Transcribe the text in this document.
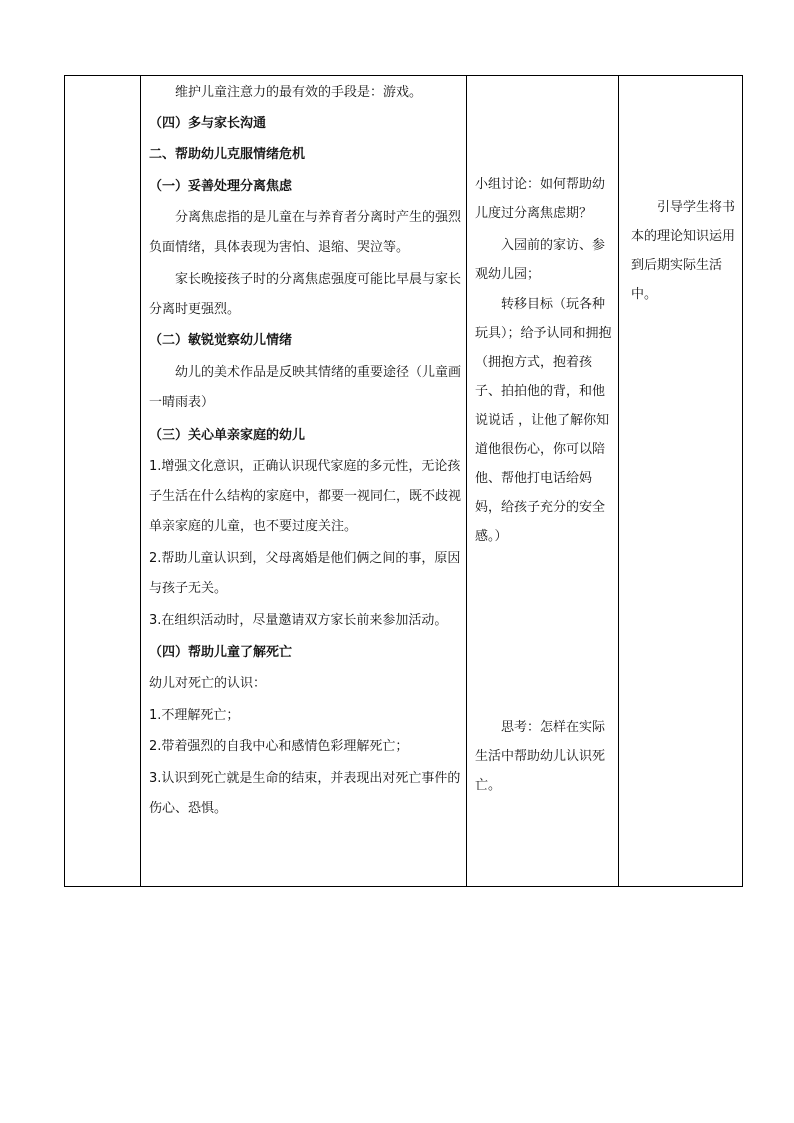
维护儿童注意力的最有效的手段是：游戏。

（四）多与家长沟通

二、帮助幼儿克服情绪危机

（一）妥善处理分离焦虑

分离焦虑指的是儿童在与养育者分离时产生的强烈负面情绪，具体表现为害怕、退缩、哭泣等。

家长晚接孩子时的分离焦虑强度可能比早晨与家长分离时更强烈。

（二）敏锐觉察幼儿情绪

幼儿的美术作品是反映其情绪的重要途径（儿童画一晴雨表）

（三）关心单亲家庭的幼儿

1.增强文化意识，正确认识现代家庭的多元性，无论孩子生活在什么结构的家庭中，都要一视同仁，既不歧视单亲家庭的儿童，也不要过度关注。

2.帮助儿童认识到，父母离婚是他们俩之间的事，原因与孩子无关。

3.在组织活动时，尽量邀请双方家长前来参加活动。

（四）帮助儿童了解死亡

幼儿对死亡的认识：

1.不理解死亡；

2.带着强烈的自我中心和感情色彩理解死亡；

3.认识到死亡就是生命的结束，并表现出对死亡事件的伤心、恐惧。

小组讨论：如何帮助幼儿度过分离焦虑期？

入园前的家访、参观幼儿园；

转移目标（玩各种玩具）；给予认同和拥抱（拥抱方式，抱着孩子、拍拍他的背，和他说说话 ，让他了解你知道他很伤心，你可以陪他、帮他打电话给妈妈，给孩子充分的安全感。）

思考：怎样在实际生活中帮助幼儿认识死亡。

引导学生将书本的理论知识运用到后期实际生活中。
